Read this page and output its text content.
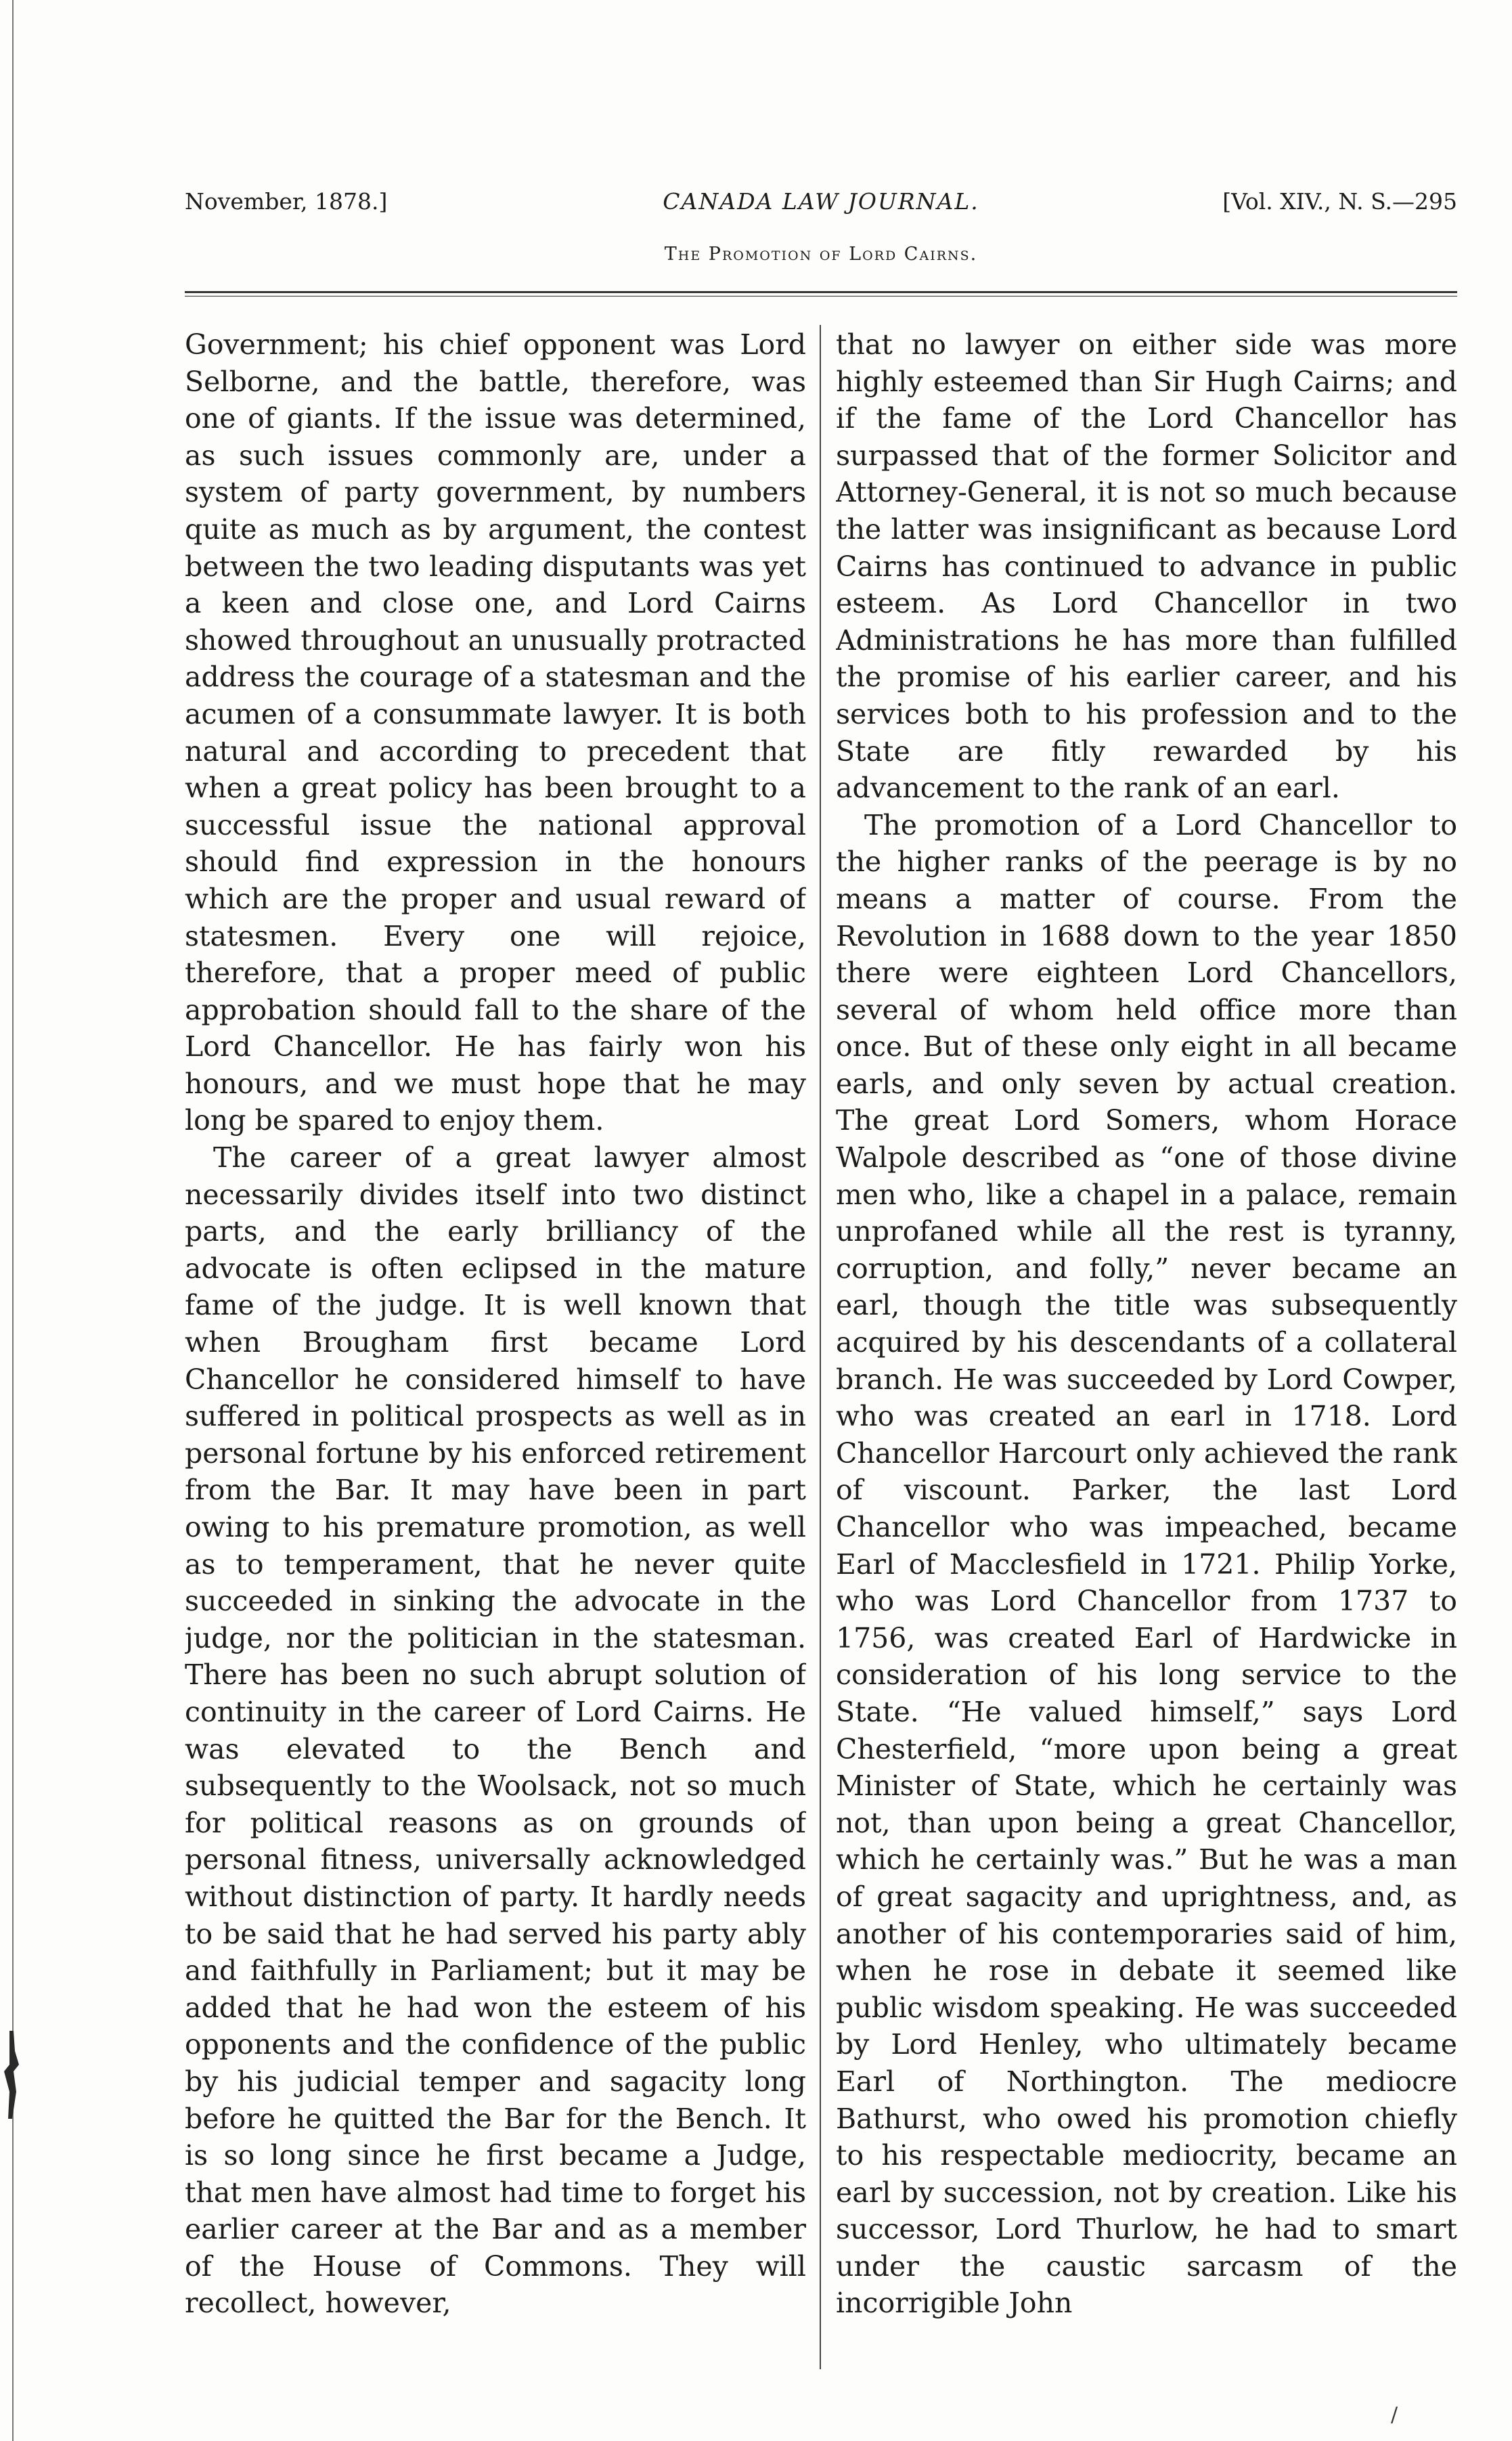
November, 1878.]	CANADA LAW JOURNAL.	[Vol. XIV., N. S.—295
The Promotion of Lord Cairns.

Government; his chief opponent was Lord Selborne, and the battle, therefore, was one of giants. If the issue was determined, as such issues commonly are, under a system of party government, by numbers quite as much as by argument, the contest between the two leading disputants was yet a keen and close one, and Lord Cairns showed throughout an unusually protracted address the courage of a statesman and the acumen of a consummate lawyer. It is both natural and according to precedent that when a great policy has been brought to a successful issue the national approval should find expression in the honours which are the proper and usual reward of statesmen. Every one will rejoice, therefore, that a proper meed of public approbation should fall to the share of the Lord Chancellor. He has fairly won his honours, and we must hope that he may long be spared to enjoy them.

The career of a great lawyer almost necessarily divides itself into two distinct parts, and the early brilliancy of the advocate is often eclipsed in the mature fame of the judge. It is well known that when Brougham first became Lord Chancellor he considered himself to have suffered in political prospects as well as in personal fortune by his enforced retirement from the Bar. It may have been in part owing to his premature promotion, as well as to temperament, that he never quite succeeded in sinking the advocate in the judge, nor the politician in the statesman. There has been no such abrupt solution of continuity in the career of Lord Cairns. He was elevated to the Bench and subsequently to the Woolsack, not so much for political reasons as on grounds of personal fitness, universally acknowledged without distinction of party. It hardly needs to be said that he had served his party ably and faithfully in Parliament; but it may be added that he had won the esteem of his opponents and the confidence of the public by his judicial temper and sagacity long before he quitted the Bar for the Bench. It is so long since he first became a Judge, that men have almost had time to forget his earlier career at the Bar and as a member of the House of Commons. They will recollect, however,

that no lawyer on either side was more highly esteemed than Sir Hugh Cairns; and if the fame of the Lord Chancellor has surpassed that of the former Solicitor and Attorney-General, it is not so much because the latter was insignificant as because Lord Cairns has continued to advance in public esteem. As Lord Chancellor in two Administrations he has more than fulfilled the promise of his earlier career, and his services both to his profession and to the State are fitly rewarded by his advancement to the rank of an earl.

The promotion of a Lord Chancellor to the higher ranks of the peerage is by no means a matter of course. From the Revolution in 1688 down to the year 1850 there were eighteen Lord Chancellors, several of whom held office more than once. But of these only eight in all became earls, and only seven by actual creation. The great Lord Somers, whom Horace Walpole described as “one of those divine men who, like a chapel in a palace, remain unprofaned while all the rest is tyranny, corruption, and folly,” never became an earl, though the title was subsequently acquired by his descendants of a collateral branch. He was succeeded by Lord Cowper, who was created an earl in 1718. Lord Chancellor Harcourt only achieved the rank of viscount. Parker, the last Lord Chancellor who was impeached, became Earl of Macclesfield in 1721. Philip Yorke, who was Lord Chancellor from 1737 to 1756, was created Earl of Hardwicke in consideration of his long service to the State. “He valued himself,” says Lord Chesterfield, “more upon being a great Minister of State, which he certainly was not, than upon being a great Chancellor, which he certainly was.” But he was a man of great sagacity and uprightness, and, as another of his contemporaries said of him, when he rose in debate it seemed like public wisdom speaking. He was succeeded by Lord Henley, who ultimately became Earl of Northington. The mediocre Bathurst, who owed his promotion chiefly to his respectable mediocrity, became an earl by succession, not by creation. Like his successor, Lord Thurlow, he had to smart under the caustic sarcasm of the incorrigible John

/
